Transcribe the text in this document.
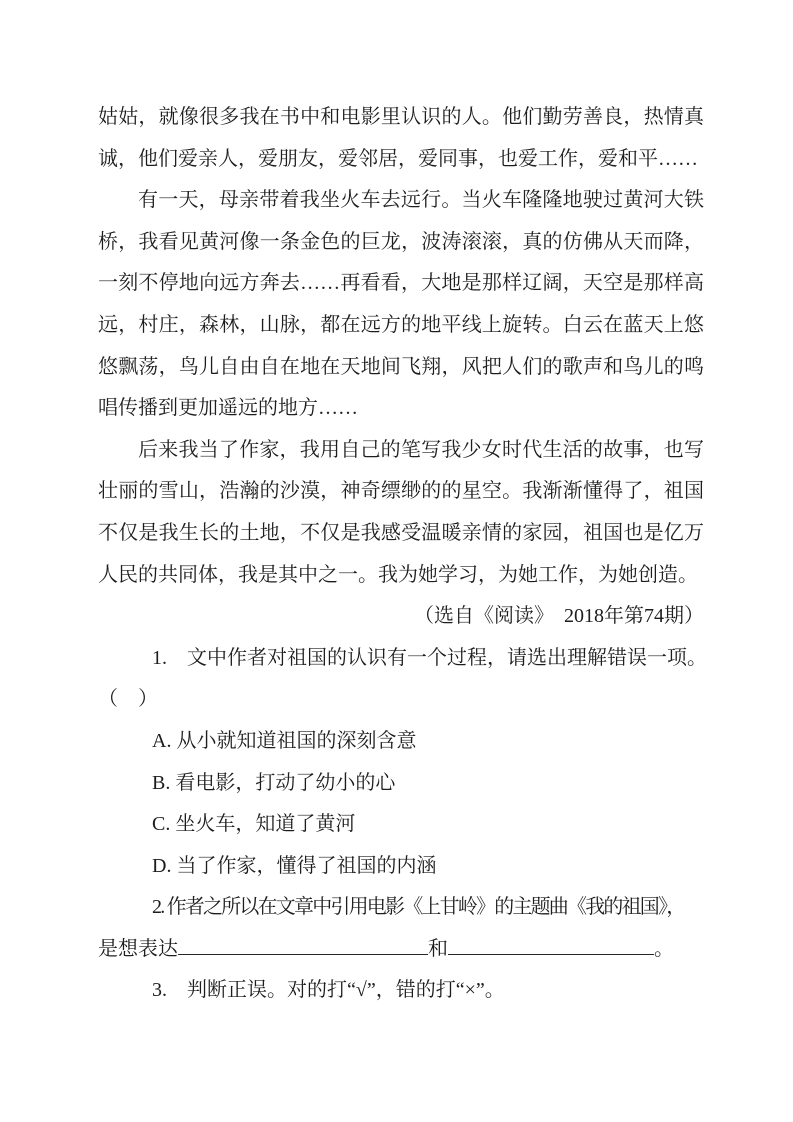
姑姑，就像很多我在书中和电影里认识的人。他们勤劳善良，热情真诚，他们爱亲人，爱朋友，爱邻居，爱同事，也爱工作，爱和平……

有一天，母亲带着我坐火车去远行。当火车隆隆地驶过黄河大铁桥，我看见黄河像一条金色的巨龙，波涛滚滚，真的仿佛从天而降，一刻不停地向远方奔去……再看看，大地是那样辽阔，天空是那样高远，村庄，森林，山脉，都在远方的地平线上旋转。白云在蓝天上悠悠飘荡，鸟儿自由自在地在天地间飞翔，风把人们的歌声和鸟儿的鸣唱传播到更加遥远的地方……

后来我当了作家，我用自己的笔写我少女时代生活的故事，也写壮丽的雪山，浩瀚的沙漠，神奇缥缈的的星空。我渐渐懂得了，祖国不仅是我生长的土地，不仅是我感受温暖亲情的家园，祖国也是亿万人民的共同体，我是其中之一。我为她学习，为她工作，为她创造。

（选自《阅读》　2018年第74期）

1.　文中作者对祖国的认识有一个过程，请选出理解错误一项。

（　）

A. 从小就知道祖国的深刻含意

B. 看电影，打动了幼小的心

C. 坐火车，知道了黄河

D. 当了作家，懂得了祖国的内涵

2. 作者之所以在文章中引用电影《上甘岭》的主题曲《我的祖国》，

是想表达	和	。

3.　判断正误。对的打“√”，错的打“×”。
